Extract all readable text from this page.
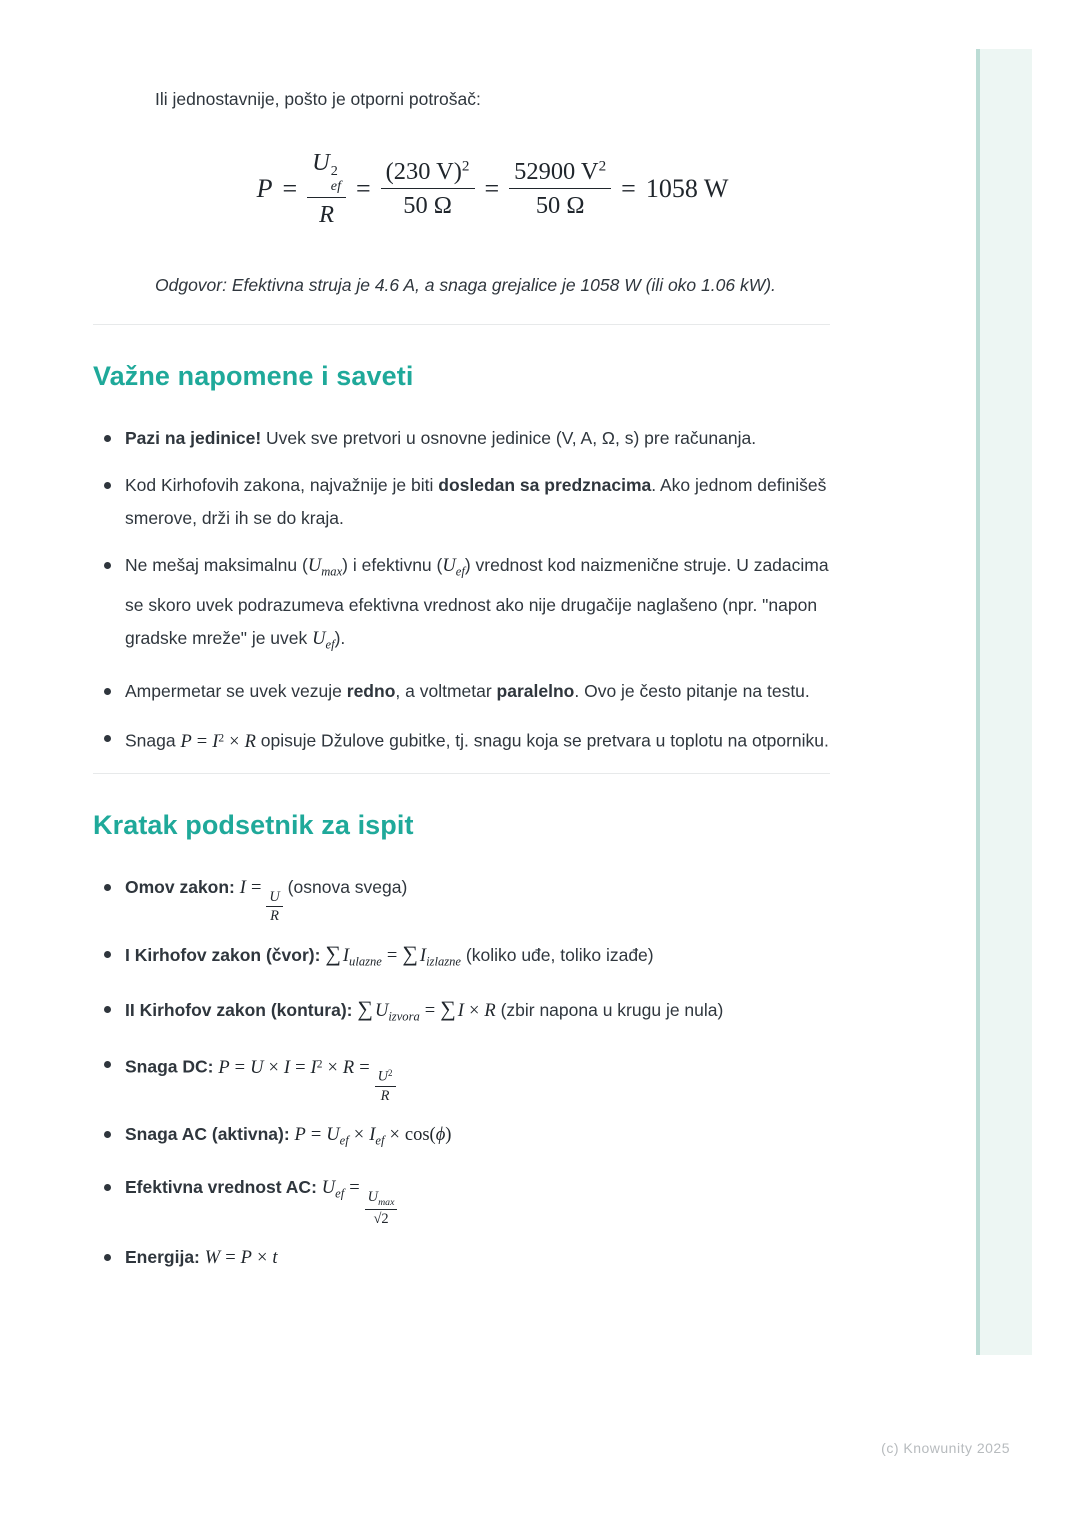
Ili jednostavnije, pošto je otporni potrošač:

P = U 2
ef
$R = \frac{(230 V)^2}{50 \Omega} = \frac{52900 V^2}{50 \Omega} = 1058$ W

Odgovor: Efektivna struja je 4.6 A, a snaga grejalice je 1058 W (ili oko 1.06 kW).

Važne napomene i saveti
Pazi na jedinice! Uvek sve pretvori u osnovne jedinice (V, A, Ω, s) pre računanja.
Kod Kirhofovih zakona, najvažnije je biti dosledan sa predznacima. Ako jednom definišeš smerove, drži ih se do kraja.
Ne mešaj maksimalnu $(U_{max})$ i efektivnu $(U_{ef})$ vrednost kod naizmenične struje. U zadacima se skoro uvek podrazumeva efektivna vrednost ako nije drugačije naglašeno (npr. "napon gradske mreže" je uvek $U_{ef}$).
Ampermetar se uvek vezuje redno, a voltmetar paralelno. Ovo je često pitanje na testu.
Snaga $P = I^2 \times R$ opisuje Džulove gubitke, tj. snagu koja se pretvara u toplotu na otporniku.
Kratak podsetnik za ispit
Omov zakon: I =
$\frac{U}{R}$
(osnova svega)
I Kirhofov zakon (čvor): ∑ $I_{ulazne}$ = ∑ $I_{izlazne}$ (koliko uđe, toliko izađe)
II Kirhofov zakon (kontura): ∑ $U_{izvora}$ = ∑ I × R (zbir napona u krugu je nula)
Snaga DC: $P = U \times I = I^2 \times R$ =
$\frac{U^2}{R}$
Snaga AC (aktivna): $P = U_{ef} \times I_{ef} \times \cos(\phi)$
Efektivna vrednost AC: $U_{ef} = U_{max}$
√2
Energija: W = P × t
(c) Knowunity 2025
